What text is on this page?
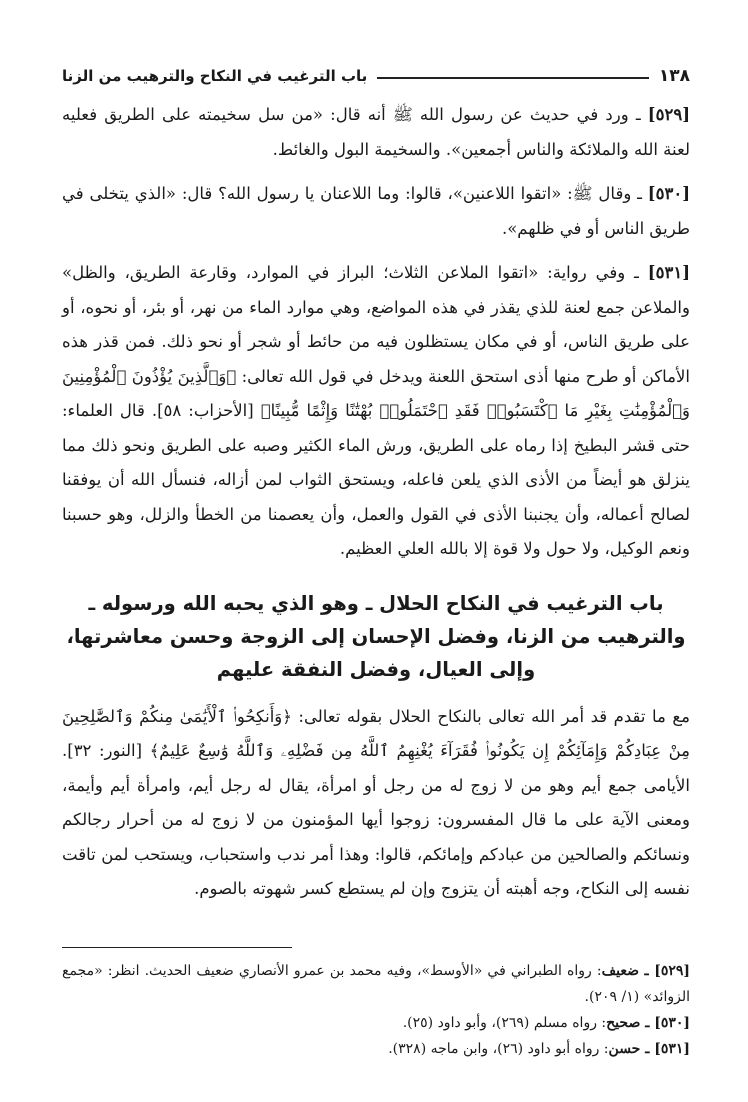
١٣٨
باب الترغيب في النكاح والترهيب من الزنا

[٥٢٩] ـ ورد في حديث عن رسول الله ﷺ أنه قال: «من سل سخيمته على الطريق فعليه لعنة الله والملائكة والناس أجمعين». والسخيمة البول والغائط.

[٥٣٠] ـ وقال ﷺ: «اتقوا اللاعنين»، قالوا: وما اللاعنان يا رسول الله؟ قال: «الذي يتخلى في طريق الناس أو في ظلهم».

[٥٣١] ـ وفي رواية: «اتقوا الملاعن الثلاث؛ البراز في الموارد، وقارعة الطريق، والظل» والملاعن جمع لعنة للذي يقذر في هذه المواضع، وهي موارد الماء من نهر، أو بئر، أو نحوه، أو على طريق الناس، أو في مكان يستظلون فيه من حائط أو شجر أو نحو ذلك. فمن قذر هذه الأماكن أو طرح منها أذى استحق اللعنة ويدخل في قول الله تعالى: ﴿وَٱلَّذِينَ يُؤْذُونَ ٱلْمُؤْمِنِينَ وَٱلْمُؤْمِنَٰتِ بِغَيْرِ مَا ٱكْتَسَبُوا۟ فَقَدِ ٱحْتَمَلُوا۟ بُهْتَٰنًا وَإِثْمًا مُّبِينًا﴾ [الأحزاب: ٥٨]. قال العلماء: حتى قشر البطيخ إذا رماه على الطريق، ورش الماء الكثير وصبه على الطريق ونحو ذلك مما ينزلق هو أيضاً من الأذى الذي يلعن فاعله، ويستحق الثواب لمن أزاله، فنسأل الله أن يوفقنا لصالح أعماله، وأن يجنبنا الأذى في القول والعمل، وأن يعصمنا من الخطأ والزلل، وهو حسبنا ونعم الوكيل، ولا حول ولا قوة إلا بالله العلي العظيم.

باب الترغيب في النكاح الحلال ـ وهو الذي يحبه الله ورسوله ـ
والترهيب من الزنا، وفضل الإحسان إلى الزوجة وحسن معاشرتها،
وإلى العيال، وفضل النفقة عليهم

مع ما تقدم قد أمر الله تعالى بالنكاح الحلال بقوله تعالى: ﴿وَأَنكِحُوا۟ ٱلْأَيَٰمَىٰ مِنكُمْ وَٱلصَّٰلِحِينَ مِنْ عِبَادِكُمْ وَإِمَآئِكُمْ إِن يَكُونُوا۟ فُقَرَآءَ يُغْنِهِمُ ٱللَّهُ مِن فَضْلِهِۦ وَٱللَّهُ وَٰسِعٌ عَلِيمٌ﴾ [النور: ٣٢]. الأيامى جمع أيم وهو من لا زوج له من رجل أو امرأة، يقال له رجل أيم، وامرأة أيم وأيمة، ومعنى الآية على ما قال المفسرون: زوجوا أيها المؤمنون من لا زوج له من أحرار رجالكم ونسائكم والصالحين من عبادكم وإمائكم، قالوا: وهذا أمر ندب واستحباب، ويستحب لمن تاقت نفسه إلى النكاح، وجه أهبته أن يتزوج وإن لم يستطع كسر شهوته بالصوم.

[٥٢٩] ـ ضعيف: رواه الطبراني في «الأوسط»، وفيه محمد بن عمرو الأنصاري ضعيف الحديث. انظر: «مجمع الزوائد» (١/ ٢٠٩).

[٥٣٠] ـ صحيح: رواه مسلم (٢٦٩)، وأبو داود (٢٥).

[٥٣١] ـ حسن: رواه أبو داود (٢٦)، وابن ماجه (٣٢٨).
